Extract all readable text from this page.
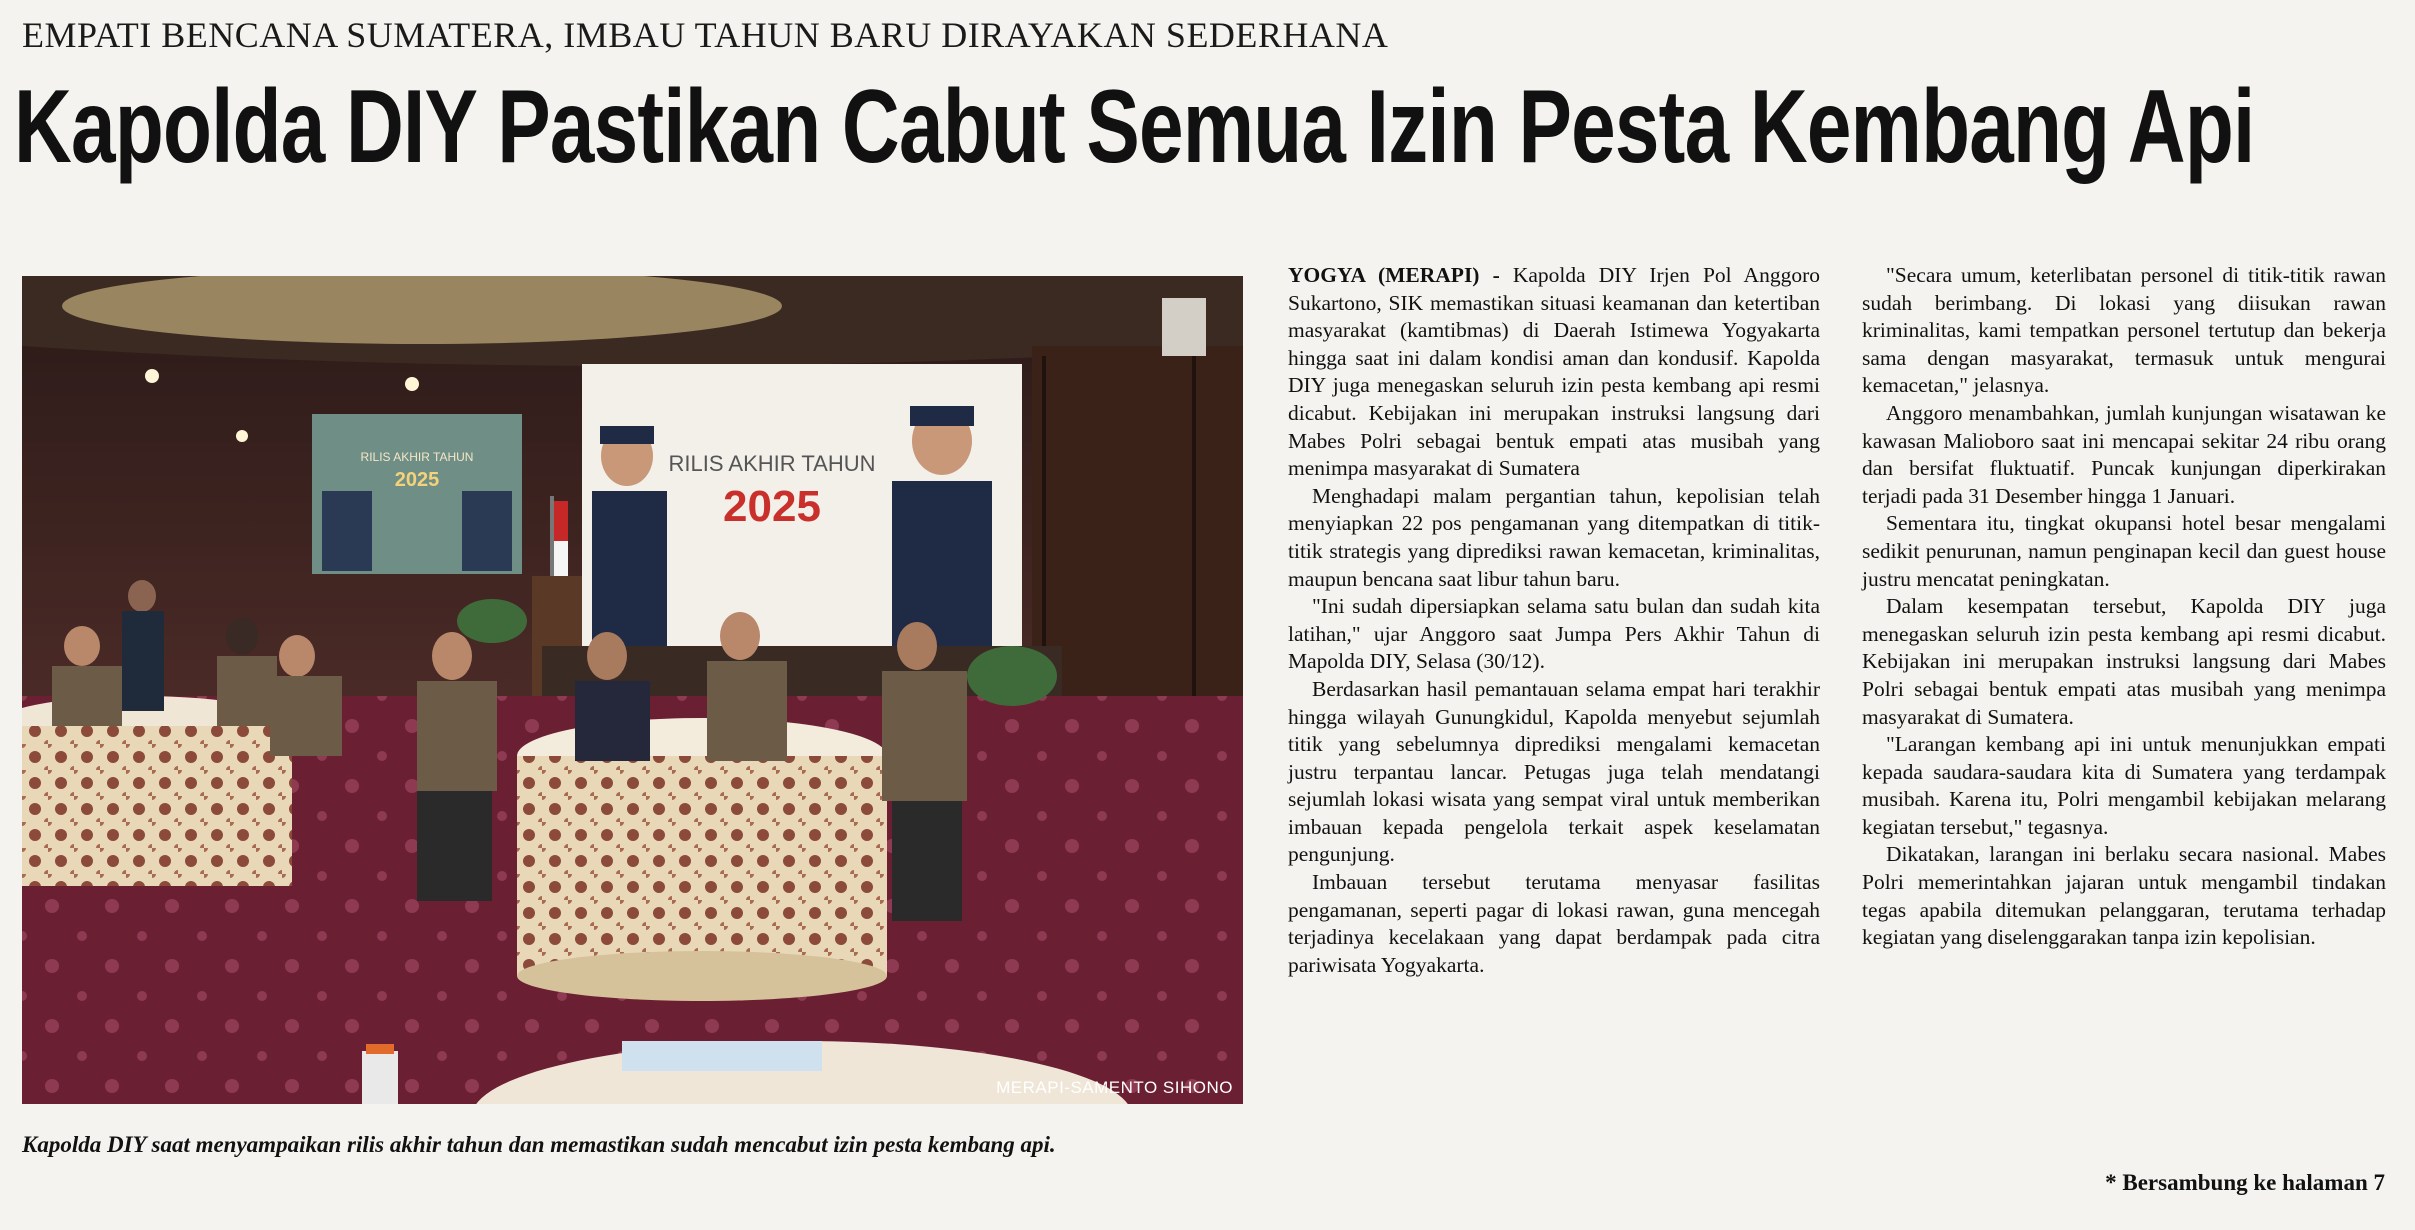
EMPATI BENCANA SUMATERA, IMBAU TAHUN BARU DIRAYAKAN SEDERHANA
Kapolda DIY Pastikan Cabut Semua Izin Pesta Kembang Api
RILIS AKHIR TAHUN
2025
RILIS AKHIR TAHUN
2025
MERAPI-SAMENTO SIHONO
Kapolda DIY saat menyampaikan rilis akhir tahun dan memastikan sudah mencabut izin pesta kembang api.

YOGYA (MERAPI) - Kapolda DIY Irjen Pol Anggoro Sukartono, SIK memastikan situasi keamanan dan ketertiban masyarakat (kamtibmas) di Daerah Istimewa Yogyakarta hingga saat ini dalam kondisi aman dan kondusif. Kapolda DIY juga menegaskan seluruh izin pesta kembang api resmi dicabut. Kebijakan ini merupakan instruksi langsung dari Mabes Polri sebagai bentuk empati atas musibah yang menimpa masyarakat di Sumatera

Menghadapi malam pergantian tahun, kepolisian telah menyiapkan 22 pos pengamanan yang ditempatkan di titik-titik strategis yang diprediksi rawan kemacetan, kriminalitas, maupun bencana saat libur tahun baru.

"Ini sudah dipersiapkan selama satu bulan dan sudah kita latihan," ujar Anggoro saat Jumpa Pers Akhir Tahun di Mapolda DIY, Selasa (30/12).

Berdasarkan hasil pemantauan selama empat hari terakhir hingga wilayah Gunungkidul, Kapolda menyebut sejumlah titik yang sebelumnya diprediksi mengalami kemacetan justru terpantau lancar. Petugas juga telah mendatangi sejumlah lokasi wisata yang sempat viral untuk memberikan imbauan kepada pengelola terkait aspek keselamatan pengunjung.

Imbauan tersebut terutama menyasar fasilitas pengamanan, seperti pagar di lokasi rawan, guna mencegah terjadinya kecelakaan yang dapat berdampak pada citra pariwisata Yogyakarta.

"Secara umum, keterlibatan personel di titik-titik rawan sudah berimbang. Di lokasi yang diisukan rawan kriminalitas, kami tempatkan personel tertutup dan bekerja sama dengan masyarakat, termasuk untuk mengurai kemacetan," jelasnya.

Anggoro menambahkan, jumlah kunjungan wisatawan ke kawasan Malioboro saat ini mencapai sekitar 24 ribu orang dan bersifat fluktuatif. Puncak kunjungan diperkirakan terjadi pada 31 Desember hingga 1 Januari.

Sementara itu, tingkat okupansi hotel besar mengalami sedikit penurunan, namun penginapan kecil dan guest house justru mencatat peningkatan.

Dalam kesempatan tersebut, Kapolda DIY juga menegaskan seluruh izin pesta kembang api resmi dicabut. Kebijakan ini merupakan instruksi langsung dari Mabes Polri sebagai bentuk empati atas musibah yang menimpa masyarakat di Sumatera.

"Larangan kembang api ini untuk menunjukkan empati kepada saudara-saudara kita di Sumatera yang terdampak musibah. Karena itu, Polri mengambil kebijakan melarang kegiatan tersebut," tegasnya.

Dikatakan, larangan ini berlaku secara nasional. Mabes Polri memerintahkan jajaran untuk mengambil tindakan tegas apabila ditemukan pelanggaran, terutama terhadap kegiatan yang diselenggarakan tanpa izin kepolisian.

* Bersambung ke halaman 7
